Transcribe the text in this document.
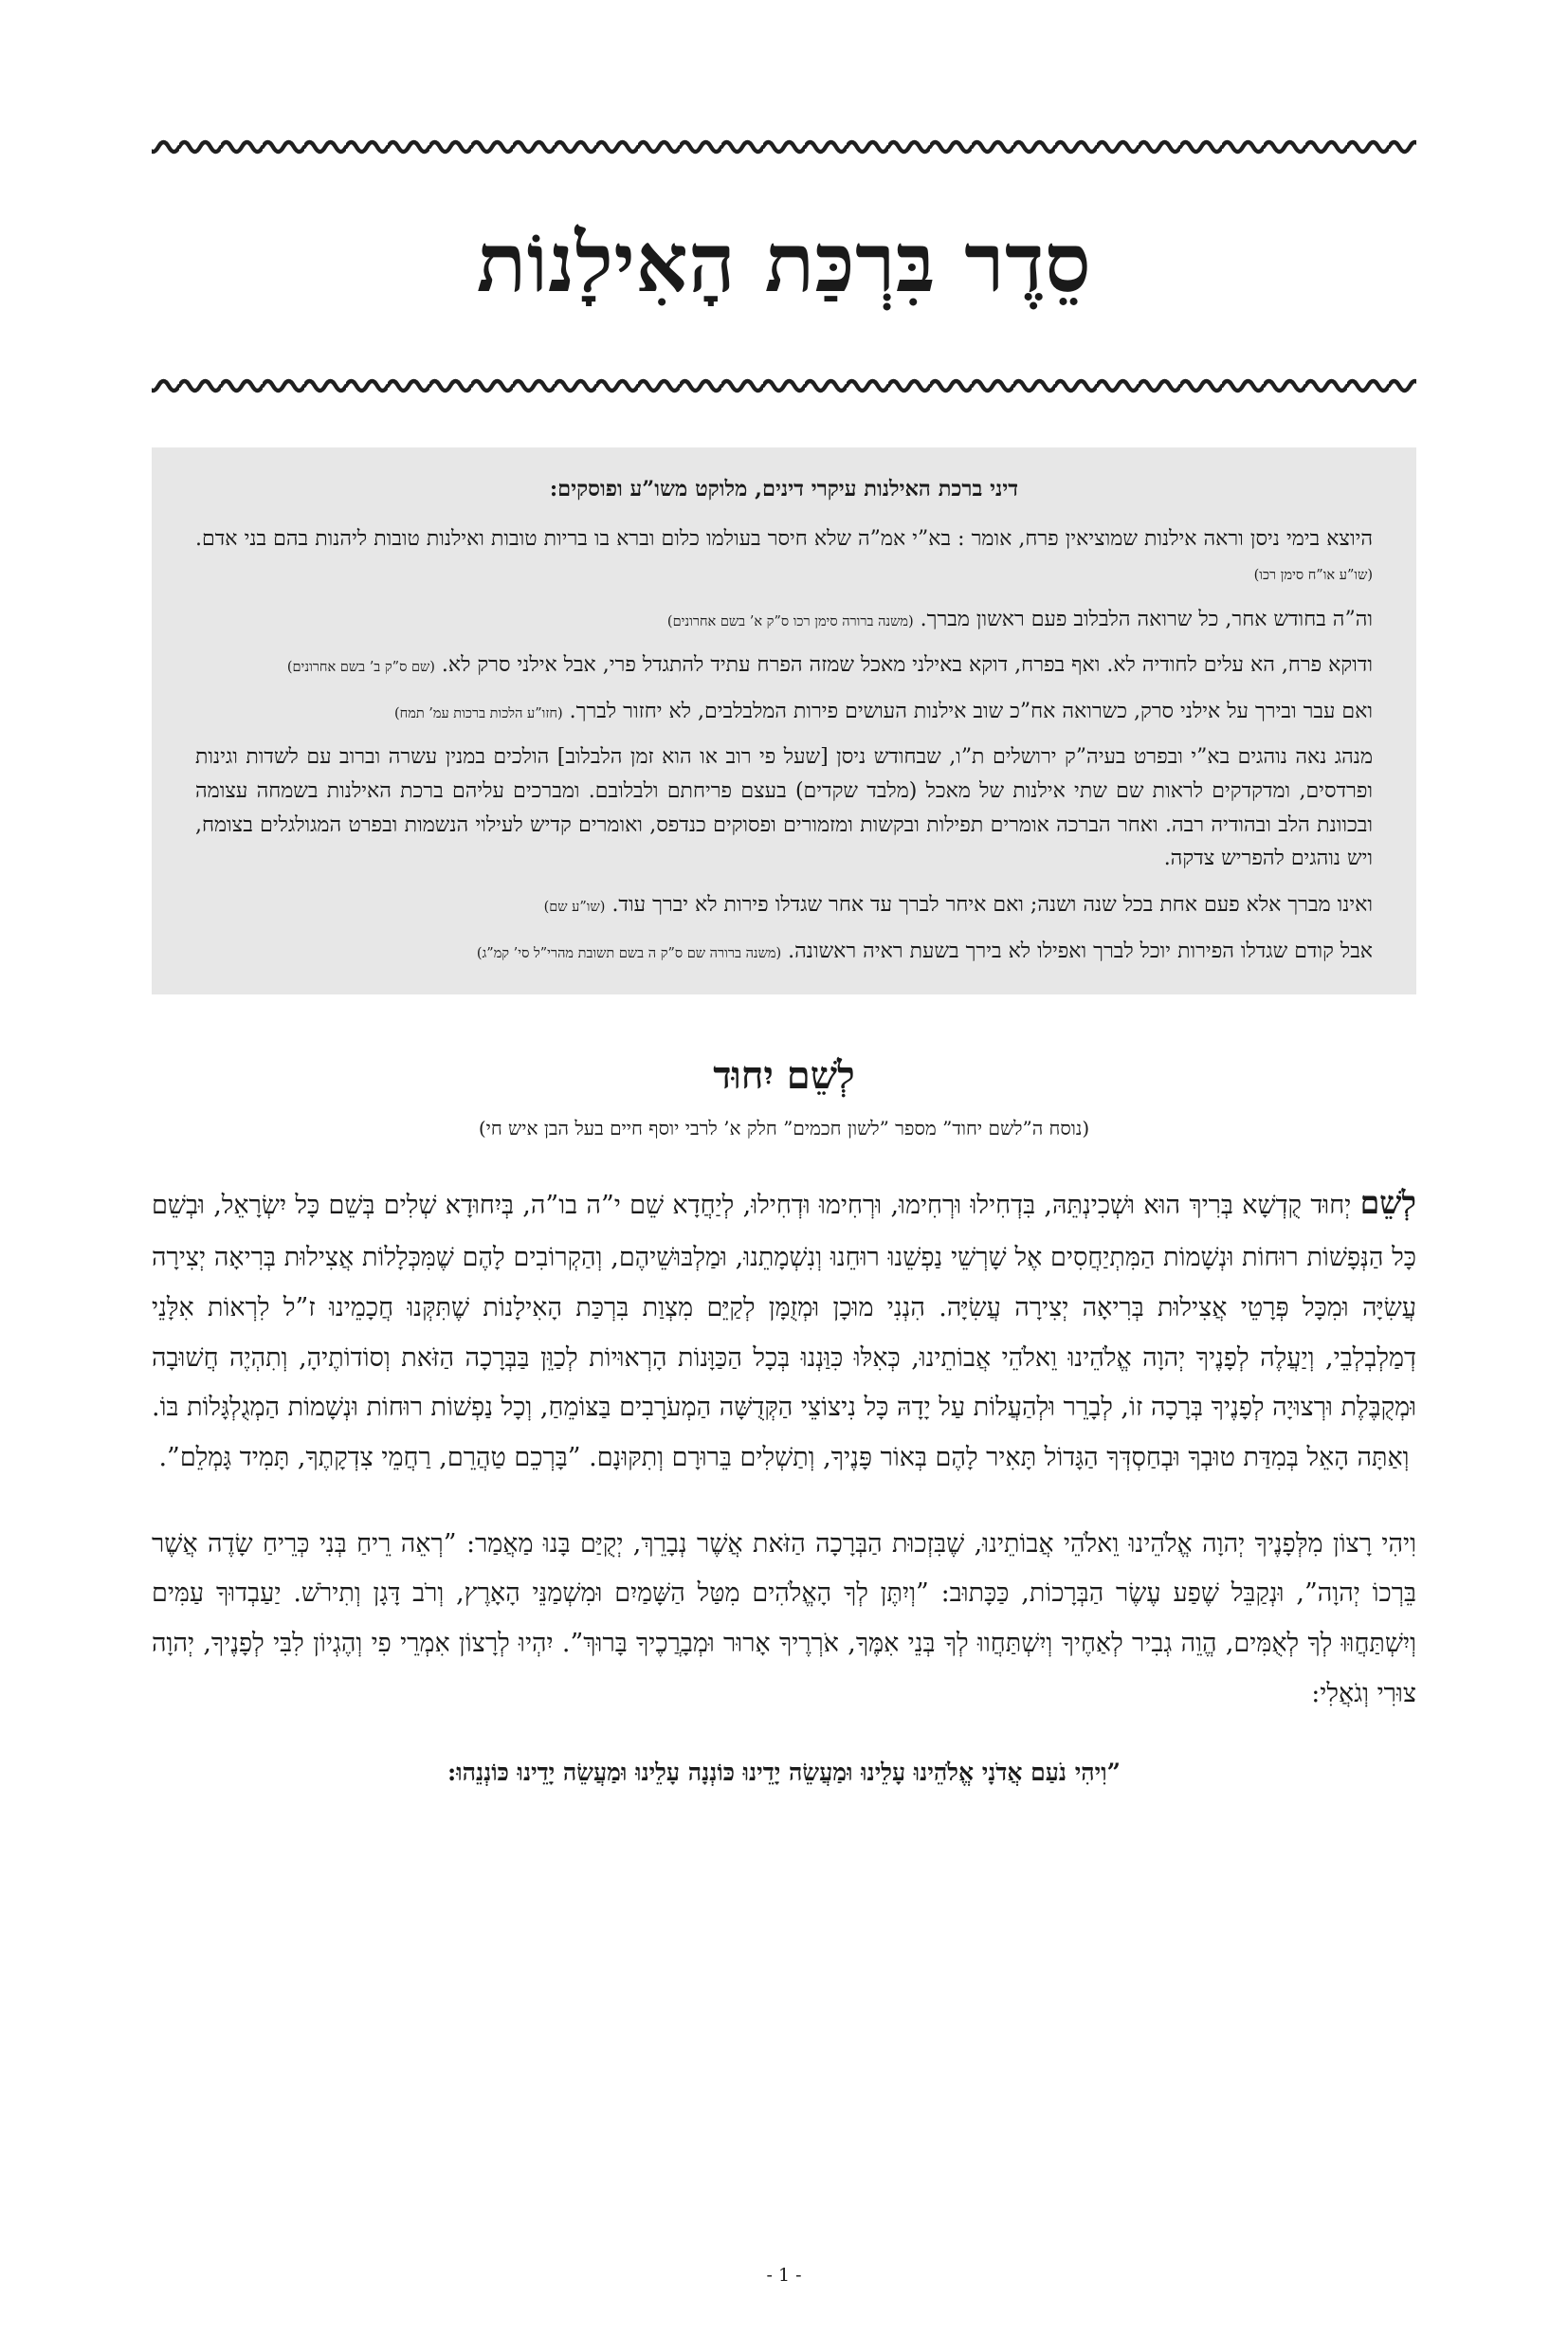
סֵדֶר בִּרְכַּת הָאִילָנוֹת
דיני ברכת האילנות עיקרי דינים, מלוקט משו”ע ופוסקים:

היוצא בימי ניסן וראה אילנות שמוציאין פרח, אומר : בא”י אמ”ה שלא חיסר בעולמו כלום וברא בו בריות טובות ואילנות טובות ליהנות בהם בני אדם. (שו”ע או”ח סימן רכו)

וה”ה בחודש אחר, כל שרואה הלבלוב פעם ראשון מברך. (משנה ברורה סימן רכו ס”ק א’ בשם אחרונים)

ודוקא פרח, הא עלים לחודיה לא. ואף בפרח, דוקא באילני מאכל שמזה הפרח עתיד להתגדל פרי, אבל אילני סרק לא. (שם ס”ק ב’ בשם אחרונים)

ואם עבר ובירך על אילני סרק, כשרואה אח”כ שוב אילנות העושים פירות המלבלבים, לא יחזור לברך. (חזו”ע הלכות ברכות עמ’ תמח)

מנהג נאה נוהגים בא”י ובפרט בעיה”ק ירושלים ת”ו, שבחודש ניסן [שעל פי רוב או הוא זמן הלבלוב] הולכים במנין עשרה וברוב עם לשדות וגינות ופרדסים, ומדקדקים לראות שם שתי אילנות של מאכל (מלבד שקדים) בעצם פריחתם ולבלובם. ומברכים עליהם ברכת האילנות בשמחה עצומה ובכוונת הלב ובהודיה רבה. ואחר הברכה אומרים תפילות ובקשות ומזמורים ופסוקים כנדפס, ואומרים קדיש לעילוי הנשמות ובפרט המגולגלים בצומח, ויש נוהגים להפריש צדקה.

ואינו מברך אלא פעם אחת בכל שנה ושנה; ואם איחר לברך עד אחר שגדלו פירות לא יברך עוד. (שו”ע שם)

אבל קודם שגדלו הפירות יוכל לברך ואפילו לא בירך בשעת ראיה ראשונה. (משנה ברורה שם ס”ק ה בשם תשובת מהרי”ל סי’ קמ”ג)

לְשֵׁם יִחוּד
(נוסח ה”לשם יחוד” מספר ”לשון חכמים” חלק א’ לרבי יוסף חיים בעל הבן איש חי)

לְשֵׁם יְחוּד קֻדְשָׁא בְּרִיךְ הוּא וּשְׁכִינְתֵּהּ, בִּדְחִילוּ וּרְחִימוּ, וּרְחִימוּ וּדְחִילוּ, לְיַחֲדָא שֵׁם י”ה בו”ה, בְּיִחוּדָא שְׁלִים בְּשֵׁם כָּל יִשְׂרָאֵל, וּבְשֵׁם כָּל הַנְּפָשׁוֹת רוּחוֹת וּנְשָׁמוֹת הַמִּתְיַחֲסִים אֶל שָׁרְשֵׁי נַפְשֵׁנוּ רוּחֵנוּ וְנִשְׁמָתֵנוּ, וּמַלְבּוּשֵׁיהֶם, וְהַקְרוֹבִים לָהֶם שֶׁמִּכְּלָלוֹת אֲצִילוּת בְּרִיאָה יְצִירָה עֲשִׂיָּה וּמִכָּל פְּרָטֵי אֲצִילוּת בְּרִיאָה יְצִירָה עֲשִׂיָּה. הִנְנִי מוּכָן וּמְזֻמָּן לְקַיֵּם מִצְוַת בִּרְכַּת הָאִילָנוֹת שֶׁתִּקְּנוּ חֲכָמֵינוּ ז”ל לִרְאוֹת אִלָּנֵי דְמַלְבְלְבֵי, וְיַעֲלֶה לְפָנֶיךָ יְהוָה אֱלֹהֵינוּ וֵאלֹהֵי אֲבוֹתֵינוּ, כְּאִלּוּ כִּוַּנְנוּ בְּכָל הַכַּוָּנוֹת הָרְאוּיוֹת לְכַוֵּן בַּבְּרָכָה הַזֹּאת וְסוֹדוֹתֶיהָ, וְתִהְיֶה חֲשׁוּבָה וּמְקֻבֶּלֶת וּרְצוּיָה לְפָנֶיךָ בְּרָכָה זוֹ, לְבָרֵר וּלְהַעֲלוֹת עַל יָדָהּ כָּל נִיצוֹצֵי הַקְּדֻשָּׁה הַמְעֹרָבִים בַּצּוֹמֵחַ, וְכָל נַפְשׁוֹת רוּחוֹת וּנְשָׁמוֹת הַמְגֻלְגָּלוֹת בּוֹ. וְאַתָּה הָאֵל בְּמִדַּת טוּבְךָ וּבְחַסְדְּךָ הַגָּדוֹל תָּאִיר לָהֶם בְּאוֹר פָּנֶיךָ, וְתַשְׁלִים בֵּרוּרָם וְתִקּוּנָם. ”בָּרְכֵם טַהֲרֵם, רַחֲמֵי צִדְקָתֶךָ, תָּמִיד גָּמְלֵם”.

וִיהִי רָצוֹן מִלְּפָנֶיךָ יְהוָה אֱלֹהֵינוּ וֵאלֹהֵי אֲבוֹתֵינוּ, שֶׁבִּזְכוּת הַבְּרָכָה הַזֹּאת אֲשֶׁר נְבָרֵךְ, יְקֻיַּם בָּנוּ מַאֲמַר: ”רְאֵה רֵיחַ בְּנִי כְּרֵיחַ שָׂדֶה אֲשֶׁר בֵּרְכוֹ יְהוָה”, וּנְקַבֵּל שֶׁפַע עֶשֶׂר הַבְּרָכוֹת, כַּכָּתוּב: ”וְיִתֶּן לְךָ הָאֱלֹהִים מִטַּל הַשָּׁמַיִם וּמִשְׁמַנֵּי הָאָרֶץ, וְרֹב דָּגָן וְתִירֹשׁ. יַעַבְדוּךָ עַמִּים וְיִשְׁתַּחֲוּוּ לְךָ לְאֻמִּים, הֱוֵה גְבִיר לְאַחֶיךָ וְיִשְׁתַּחֲווּ לְךָ בְּנֵי אִמֶּךָ, אֹרְרֶיךָ אָרוּר וּמְבָרֲכֶיךָ בָּרוּךְ”. יִהְיוּ לְרָצוֹן אִמְרֵי פִי וְהֶגְיוֹן לִבִּי לְפָנֶיךָ, יְהוָה צוּרִי וְגֹאֲלִי:

”וִיהִי נֹעַם אֲדֹנָי אֱלֹהֵינוּ עָלֵינוּ וּמַעֲשֵׂה יָדֵינוּ כּוֹנְנָה עָלֵינוּ וּמַעֲשֵׂה יָדֵינוּ כּוֹנְנֵהוּ:
- 1 -
